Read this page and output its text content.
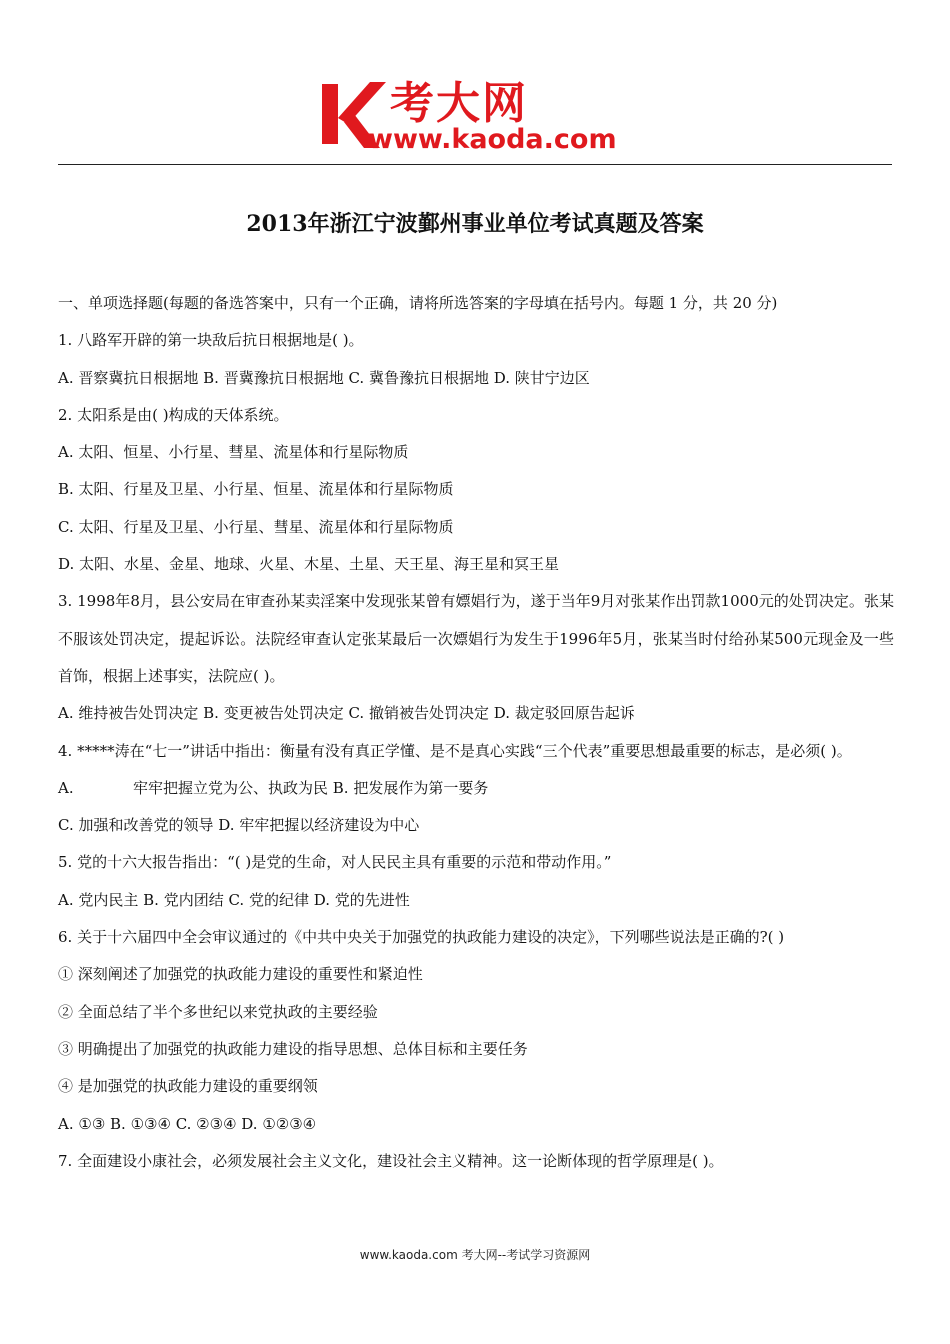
考大网
www.kaoda.com
2013年浙江宁波鄞州事业单位考试真题及答案
一、单项选择题(每题的备选答案中，只有一个正确，请将所选答案的字母填在括号内。每题 1 分，共 20 分)
1. 八路军开辟的第一块敌后抗日根据地是( )。
A. 晋察冀抗日根据地 B. 晋冀豫抗日根据地 C. 冀鲁豫抗日根据地 D. 陕甘宁边区
2. 太阳系是由( )构成的天体系统。
A. 太阳、恒星、小行星、彗星、流星体和行星际物质
B. 太阳、行星及卫星、小行星、恒星、流星体和行星际物质
C. 太阳、行星及卫星、小行星、彗星、流星体和行星际物质
D. 太阳、水星、金星、地球、火星、木星、土星、天王星、海王星和冥王星
3. 1998年8月，县公安局在审查孙某卖淫案中发现张某曾有嫖娼行为，遂于当年9月对张某作出罚款1000元的处罚决定。张某不服该处罚决定，提起诉讼。法院经审查认定张某最后一次嫖娼行为发生于1996年5月，张某当时付给孙某500元现金及一些首饰，根据上述事实，法院应( )。
A. 维持被告处罚决定 B. 变更被告处罚决定 C. 撤销被告处罚决定 D. 裁定驳回原告起诉
4. *****涛在“七一”讲话中指出：衡量有没有真正学懂、是不是真心实践“三个代表”重要思想最重要的标志，是必须( )。
A.	牢牢把握立党为公、执政为民 B. 把发展作为第一要务
C. 加强和改善党的领导 D. 牢牢把握以经济建设为中心
5. 党的十六大报告指出：“( )是党的生命，对人民民主具有重要的示范和带动作用。”
A. 党内民主 B. 党内团结 C. 党的纪律 D. 党的先进性
6. 关于十六届四中全会审议通过的《中共中央关于加强党的执政能力建设的决定》，下列哪些说法是正确的?( )
① 深刻阐述了加强党的执政能力建设的重要性和紧迫性
② 全面总结了半个多世纪以来党执政的主要经验
③ 明确提出了加强党的执政能力建设的指导思想、总体目标和主要任务
④ 是加强党的执政能力建设的重要纲领
A. ①③ B. ①③④ C. ②③④ D. ①②③④
7. 全面建设小康社会，必须发展社会主义文化，建设社会主义精神。这一论断体现的哲学原理是( )。
www.kaoda.com 考大网--考试学习资源网
